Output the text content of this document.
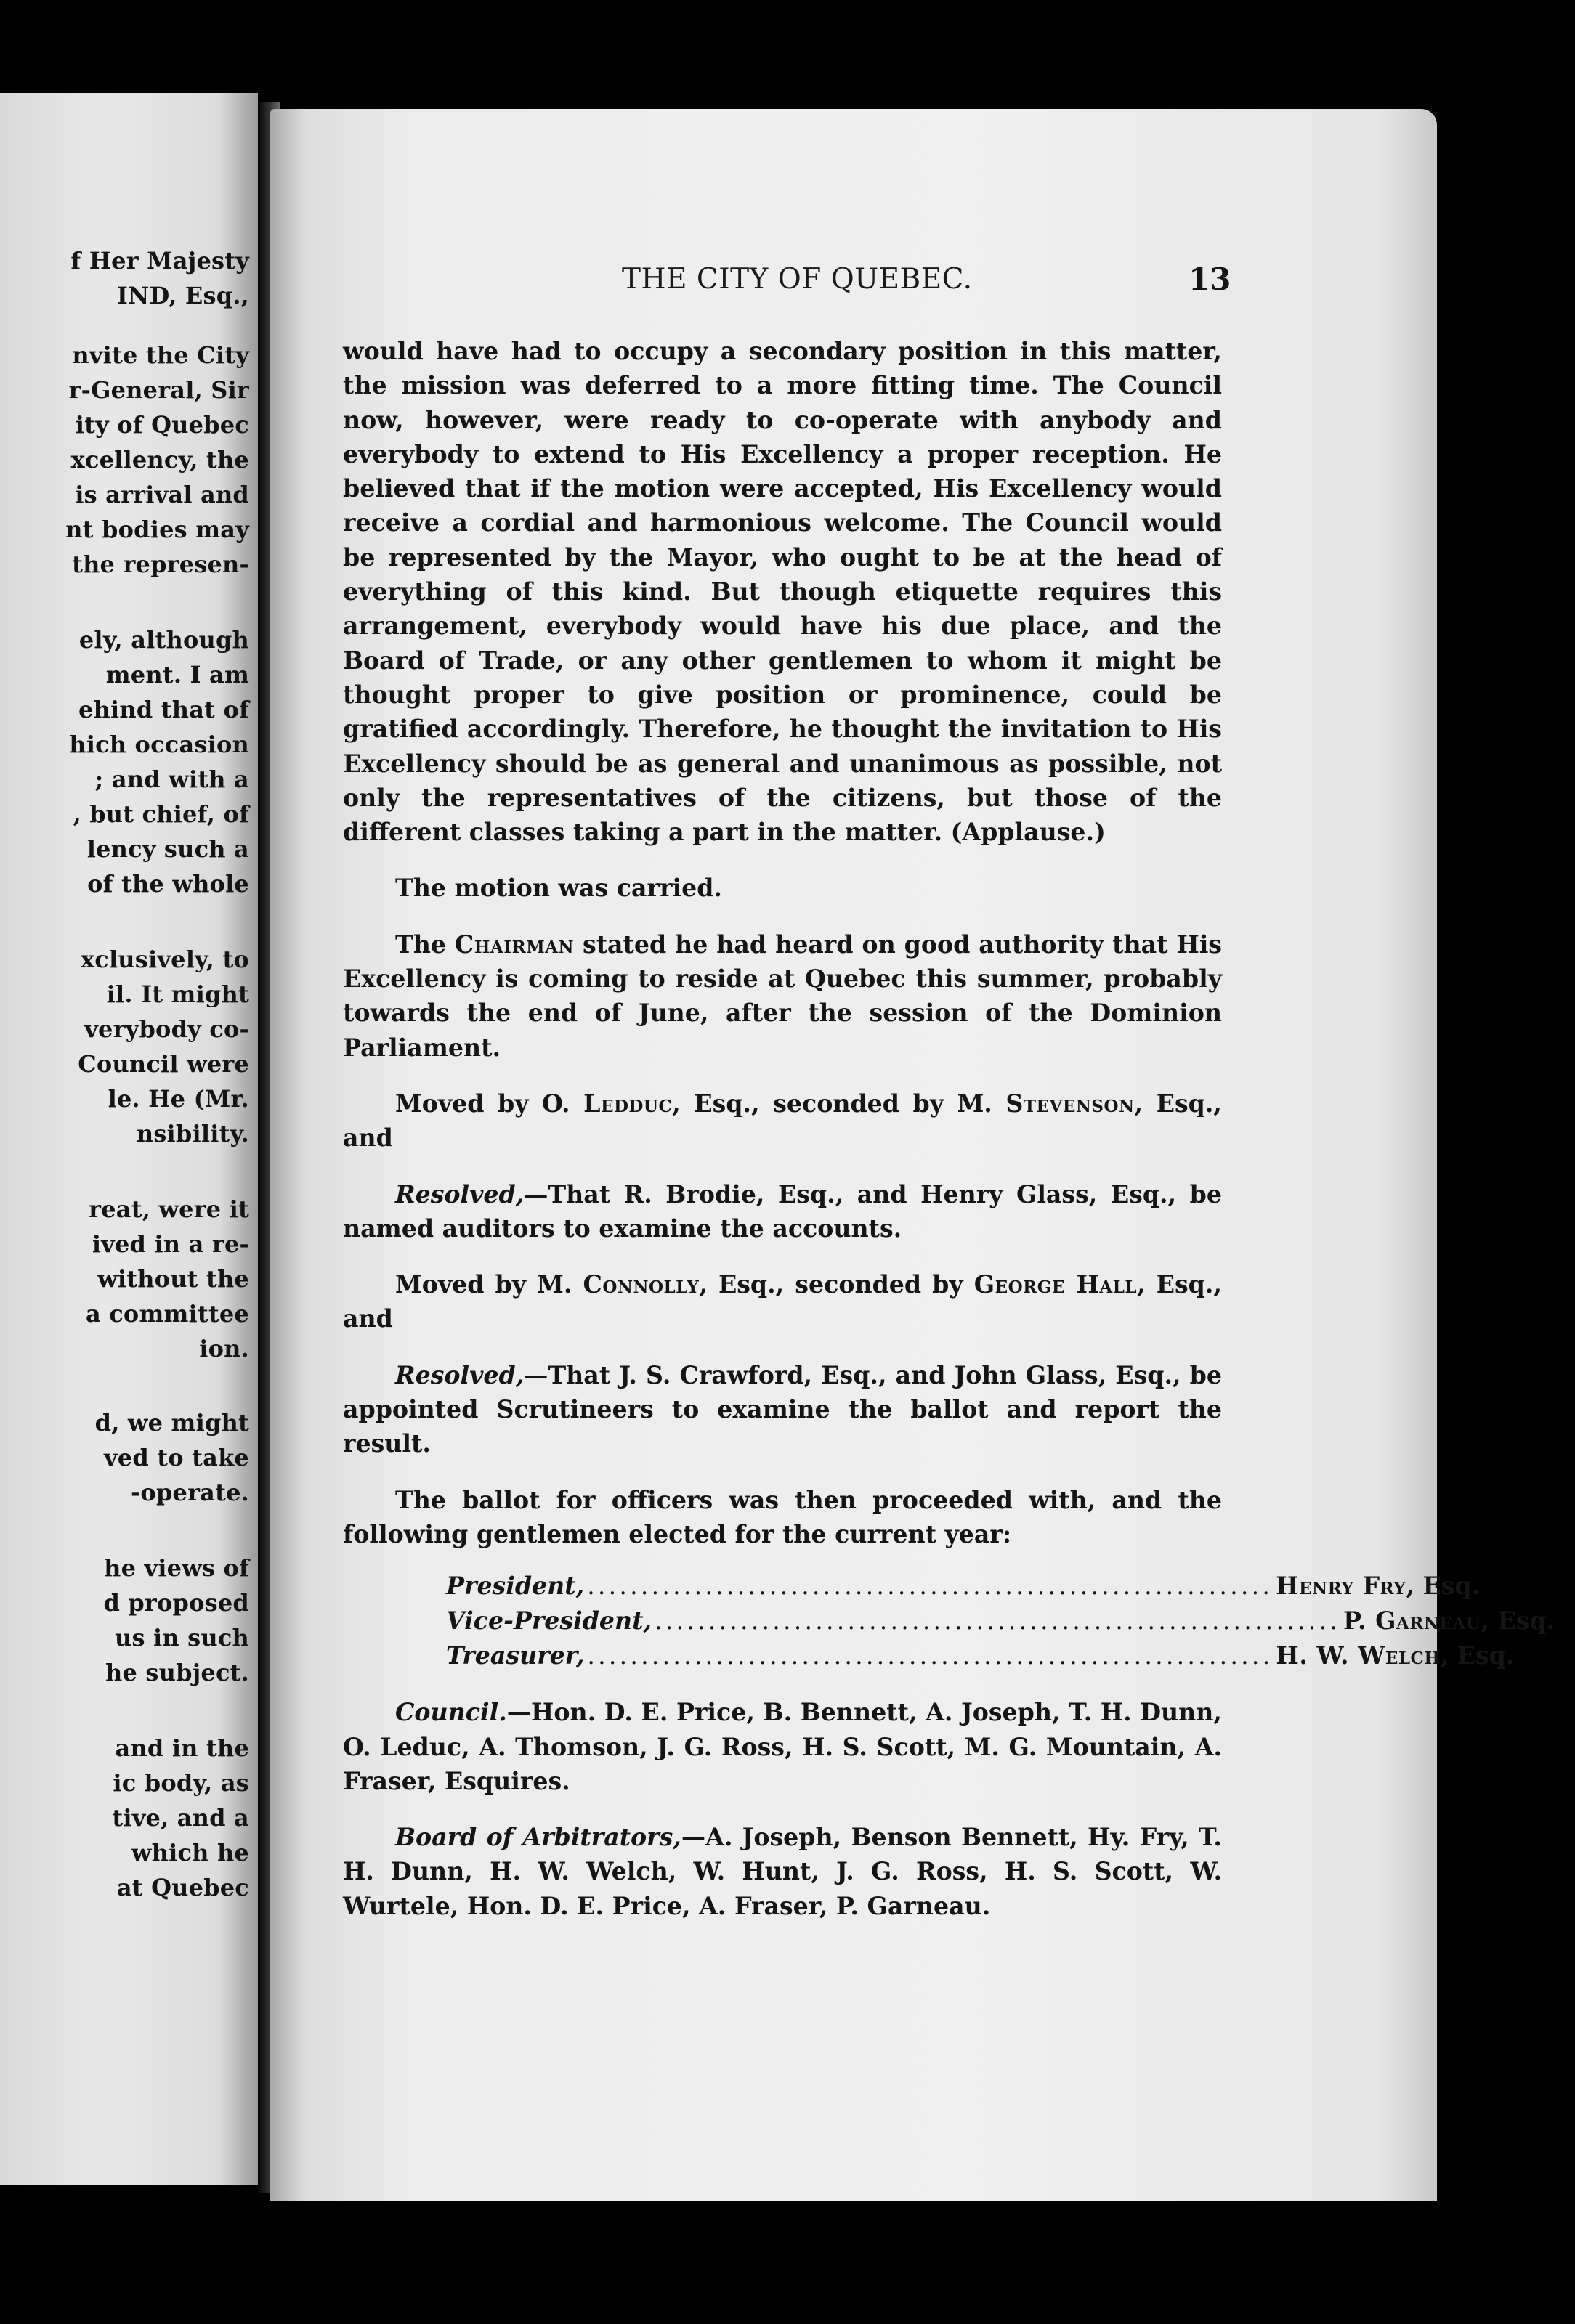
f Her Majesty
IND, Esq.,
nvite the City
r-General, Sir
ity of Quebec
xcellency, the
is arrival and
nt bodies may
the represen-
ely, although
ment. I am
ehind that of
hich occasion
; and with a
, but chief, of
lency such a
of the whole
xclusively, to
il. It might
verybody co-
Council were
le. He (Mr.
nsibility.
reat, were it
ived in a re-
without the
a committee
ion.
d, we might
ved to take
-operate.
he views of
d proposed
us in such
he subject.
and in the
ic body, as
tive, and a
which he
at Quebec
THE CITY OF QUEBEC.	13

would have had to occupy a secondary position in this matter, the mission was deferred to a more fitting time. The Council now, however, were ready to co-operate with anybody and everybody to extend to His Excellency a proper reception. He believed that if the motion were accepted, His Excellency would receive a cordial and harmonious welcome. The Council would be represented by the Mayor, who ought to be at the head of everything of this kind. But though etiquette requires this arrangement, everybody would have his due place, and the Board of Trade, or any other gentlemen to whom it might be thought proper to give position or prominence, could be gratified accordingly. Therefore, he thought the invitation to His Excellency should be as general and unanimous as possible, not only the representatives of the citizens, but those of the different classes taking a part in the matter. (Applause.)

The motion was carried.

The Chairman stated he had heard on good authority that His Excellency is coming to reside at Quebec this summer, probably towards the end of June, after the session of the Dominion Parliament.

Moved by O. Ledduc, Esq., seconded by M. Stevenson, Esq., and

Resolved,—That R. Brodie, Esq., and Henry Glass, Esq., be named auditors to examine the accounts.

Moved by M. Connolly, Esq., seconded by George Hall, Esq., and

Resolved,—That J. S. Crawford, Esq., and John Glass, Esq., be appointed Scrutineers to examine the ballot and report the result.

The ballot for officers was then proceeded with, and the following gentlemen elected for the current year:

President, ................................................................ Henry Fry, Esq.
Vice-President, ................................................................ P. Garneau, Esq.
Treasurer, ................................................................ H. W. Welch, Esq.

Council.—Hon. D. E. Price, B. Bennett, A. Joseph, T. H. Dunn, O. Leduc, A. Thomson, J. G. Ross, H. S. Scott, M. G. Mountain, A. Fraser, Esquires.

Board of Arbitrators,—A. Joseph, Benson Bennett, Hy. Fry, T. H. Dunn, H. W. Welch, W. Hunt, J. G. Ross, H. S. Scott, W. Wurtele, Hon. D. E. Price, A. Fraser, P. Garneau.
